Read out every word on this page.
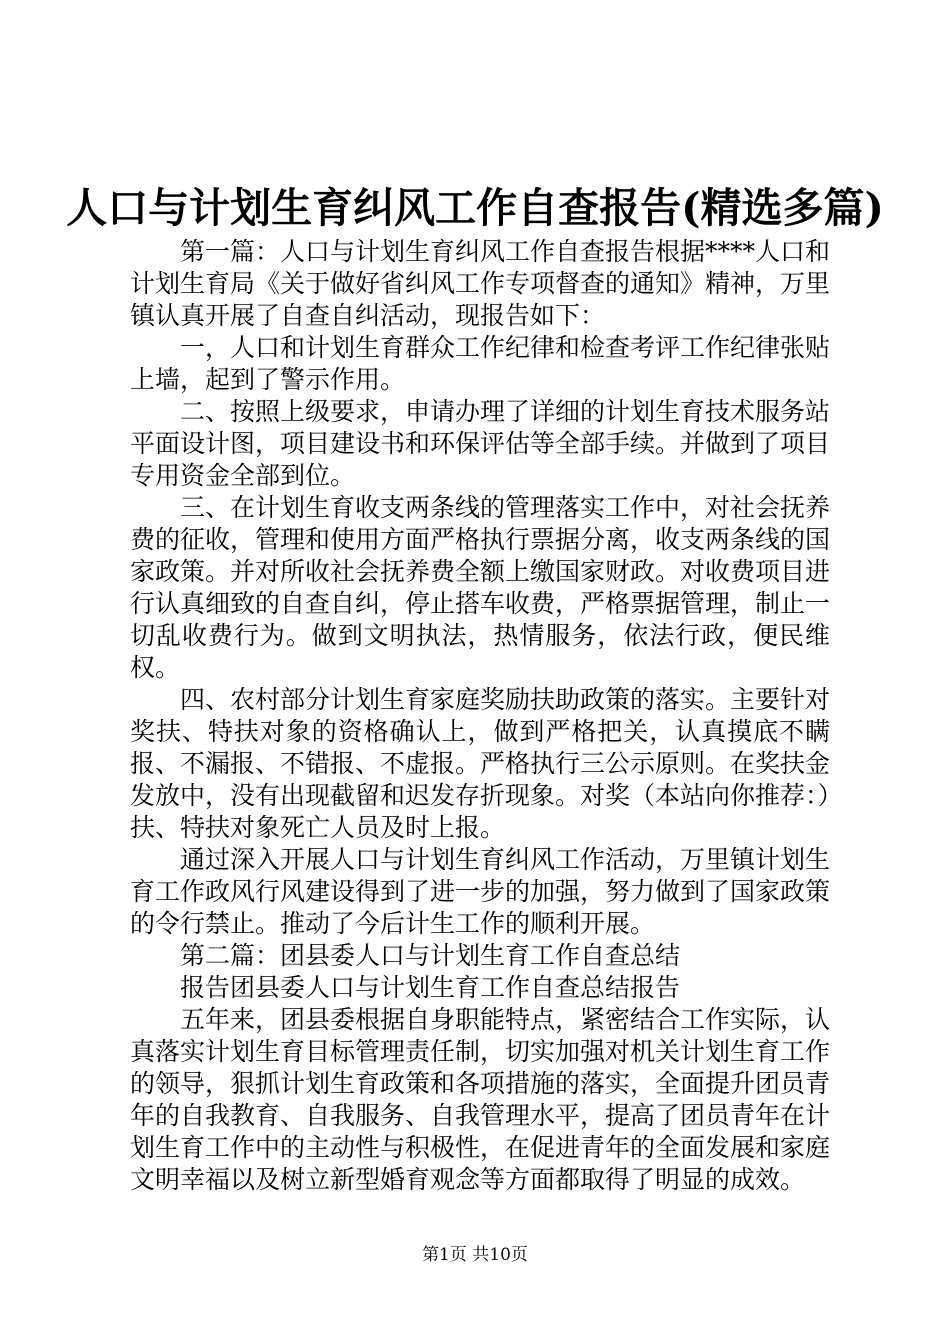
人口与计划生育纠风工作自查报告(精选多篇)

第一篇：人口与计划生育纠风工作自查报告根据****人口和计划生育局《关于做好省纠风工作专项督查的通知》精神，万里镇认真开展了自查自纠活动，现报告如下：

一，人口和计划生育群众工作纪律和检查考评工作纪律张贴上墙，起到了警示作用。

二、按照上级要求，申请办理了详细的计划生育技术服务站平面设计图，项目建设书和环保评估等全部手续。并做到了项目专用资金全部到位。

三、在计划生育收支两条线的管理落实工作中，对社会抚养费的征收，管理和使用方面严格执行票据分离，收支两条线的国家政策。并对所收社会抚养费全额上缴国家财政。对收费项目进行认真细致的自查自纠，停止搭车收费，严格票据管理，制止一切乱收费行为。做到文明执法，热情服务，依法行政，便民维权。

四、农村部分计划生育家庭奖励扶助政策的落实。主要针对奖扶、特扶对象的资格确认上，做到严格把关，认真摸底不瞒报、不漏报、不错报、不虚报。严格执行三公示原则。在奖扶金发放中，没有出现截留和迟发存折现象。对奖（本站向你推荐：）扶、特扶对象死亡人员及时上报。

通过深入开展人口与计划生育纠风工作活动，万里镇计划生育工作政风行风建设得到了进一步的加强，努力做到了国家政策的令行禁止。推动了今后计生工作的顺利开展。

第二篇：团县委人口与计划生育工作自查总结

报告团县委人口与计划生育工作自查总结报告

五年来，团县委根据自身职能特点，紧密结合工作实际，认真落实计划生育目标管理责任制，切实加强对机关计划生育工作的领导，狠抓计划生育政策和各项措施的落实，全面提升团员青年的自我教育、自我服务、自我管理水平，提高了团员青年在计划生育工作中的主动性与积极性，在促进青年的全面发展和家庭文明幸福以及树立新型婚育观念等方面都取得了明显的成效。

第1页 共10页
